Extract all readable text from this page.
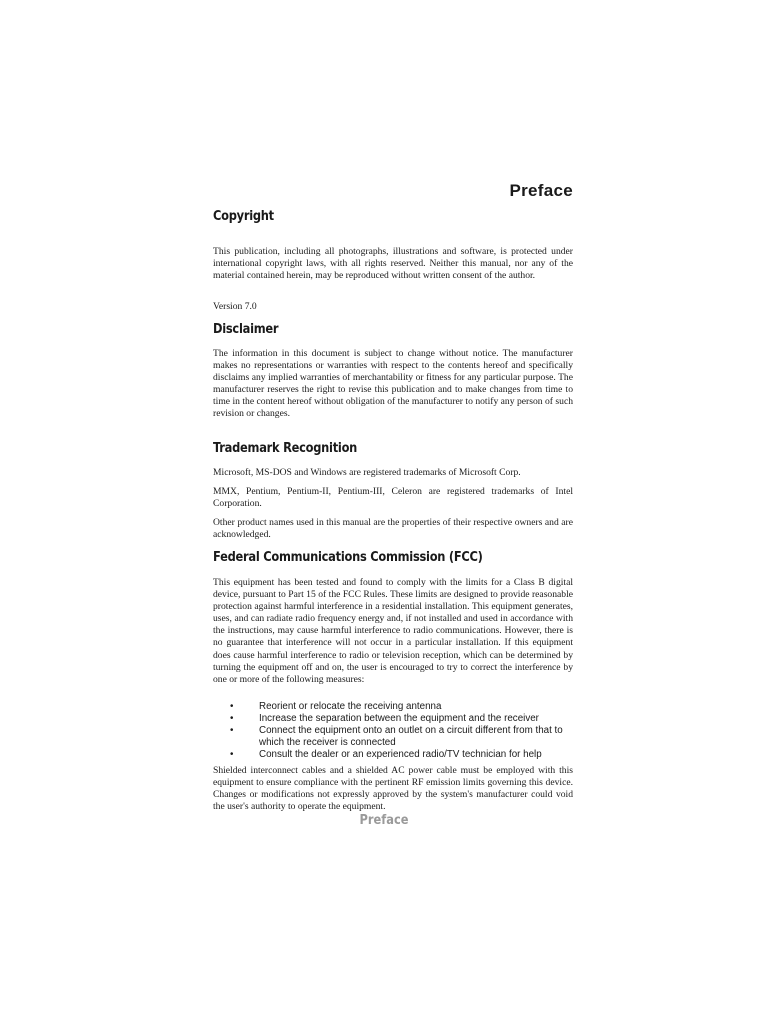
Preface
Copyright

This publication, including all photographs, illustrations and software, is protected under international copyright laws, with all rights reserved. Neither this manual, nor any of the material contained herein, may be reproduced without written consent of the author.

Version 7.0

Disclaimer

The information in this document is subject to change without notice. The manufacturer makes no representations or warranties with respect to the contents hereof and specifically disclaims any implied warranties of merchantability or fitness for any particular purpose. The manufacturer reserves the right to revise this publication and to make changes from time to time in the content hereof without obligation of the manufacturer to notify any person of such revision or changes.

Trademark Recognition

Microsoft, MS-DOS and Windows are registered trademarks of Microsoft Corp.

MMX, Pentium, Pentium-II, Pentium-III, Celeron are registered trademarks of Intel Corporation.

Other product names used in this manual are the properties of their respective owners and are acknowledged.

Federal Communications Commission (FCC)

This equipment has been tested and found to comply with the limits for a Class B digital device, pursuant to Part 15 of the FCC Rules. These limits are designed to provide reasonable protection against harmful interference in a residential installation. This equipment generates, uses, and can radiate radio frequency energy and, if not installed and used in accordance with the instructions, may cause harmful interference to radio communications. However, there is no guarantee that interference will not occur in a particular installation. If this equipment does cause harmful interference to radio or television reception, which can be determined by turning the equipment off and on, the user is encouraged to try to correct the interference by one or more of the following measures:

•	Reorient or relocate the receiving antenna
•	Increase the separation between the equipment and the receiver
•	Connect the equipment onto an outlet on a circuit different from that to which the receiver is connected
•	Consult the dealer or an experienced radio/TV technician for help

Shielded interconnect cables and a shielded AC power cable must be employed with this equipment to ensure compliance with the pertinent RF emission limits governing this device. Changes or modifications not expressly approved by the system's manufacturer could void the user's authority to operate the equipment.

Preface
